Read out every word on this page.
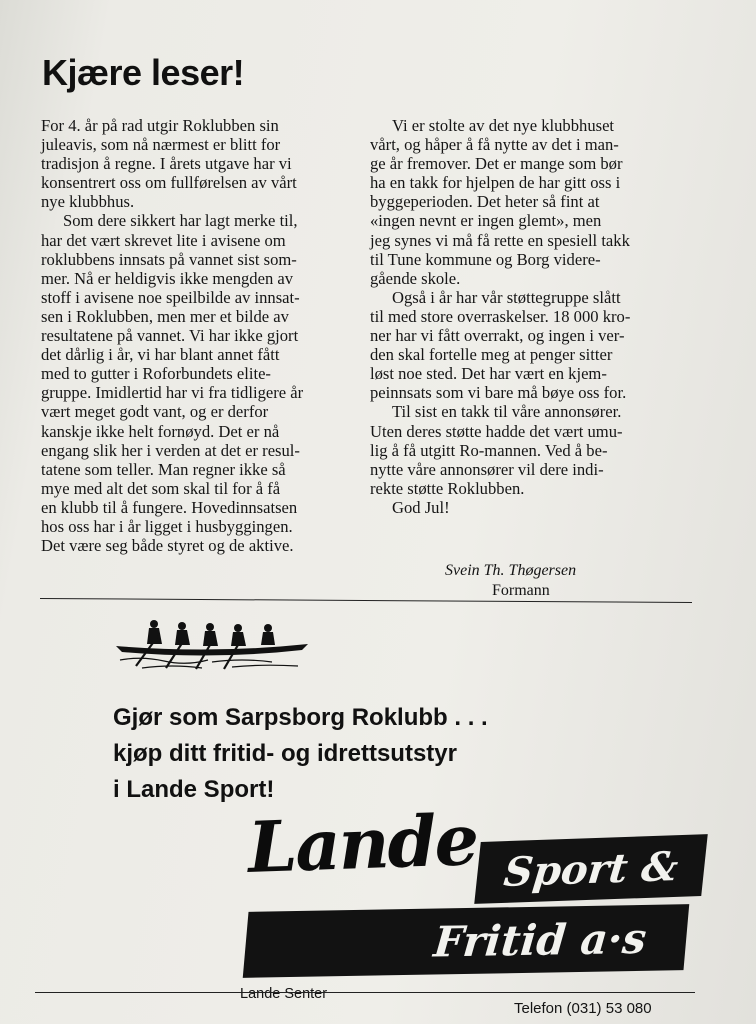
Kjære leser!

For 4. år på rad utgir Roklubben sin
juleavis, som nå nærmest er blitt for
tradisjon å regne. I årets utgave har vi
konsentrert oss om fullførelsen av vårt
nye klubbhus.

Som dere sikkert har lagt merke til,
har det vært skrevet lite i avisene om
roklubbens innsats på vannet sist som-
mer. Nå er heldigvis ikke mengden av
stoff i avisene noe speilbilde av innsat-
sen i Roklubben, men mer et bilde av
resultatene på vannet. Vi har ikke gjort
det dårlig i år, vi har blant annet fått
med to gutter i Roforbundets elite-
gruppe. Imidlertid har vi fra tidligere år
vært meget godt vant, og er derfor
kanskje ikke helt fornøyd. Det er nå
engang slik her i verden at det er resul-
tatene som teller. Man regner ikke så
mye med alt det som skal til for å få
en klubb til å fungere. Hovedinnsatsen
hos oss har i år ligget i husbyggingen.
Det være seg både styret og de aktive.

Vi er stolte av det nye klubbhuset
vårt, og håper å få nytte av det i man-
ge år fremover. Det er mange som bør
ha en takk for hjelpen de har gitt oss i
byggeperioden. Det heter så fint at
«ingen nevnt er ingen glemt», men
jeg synes vi må få rette en spesiell takk
til Tune kommune og Borg videre-
gående skole.

Også i år har vår støttegruppe slått
til med store overraskelser. 18 000 kro-
ner har vi fått overrakt, og ingen i ver-
den skal fortelle meg at penger sitter
løst noe sted. Det har vært en kjem-
peinnsats som vi bare må bøye oss for.

Til sist en takk til våre annonsører.
Uten deres støtte hadde det vært umu-
lig å få utgitt Ro-mannen. Ved å be-
nytte våre annonsører vil dere indi-
rekte støtte Roklubben.

God Jul!

Svein Th. Thøgersen
Formann
Gjør som Sarpsborg Roklubb . . .
kjøp ditt fritid- og idrettsutstyr
i Lande Sport!
Lande Sport &
Fritid a·s
Lande Senter
Telefon (031) 53 080
